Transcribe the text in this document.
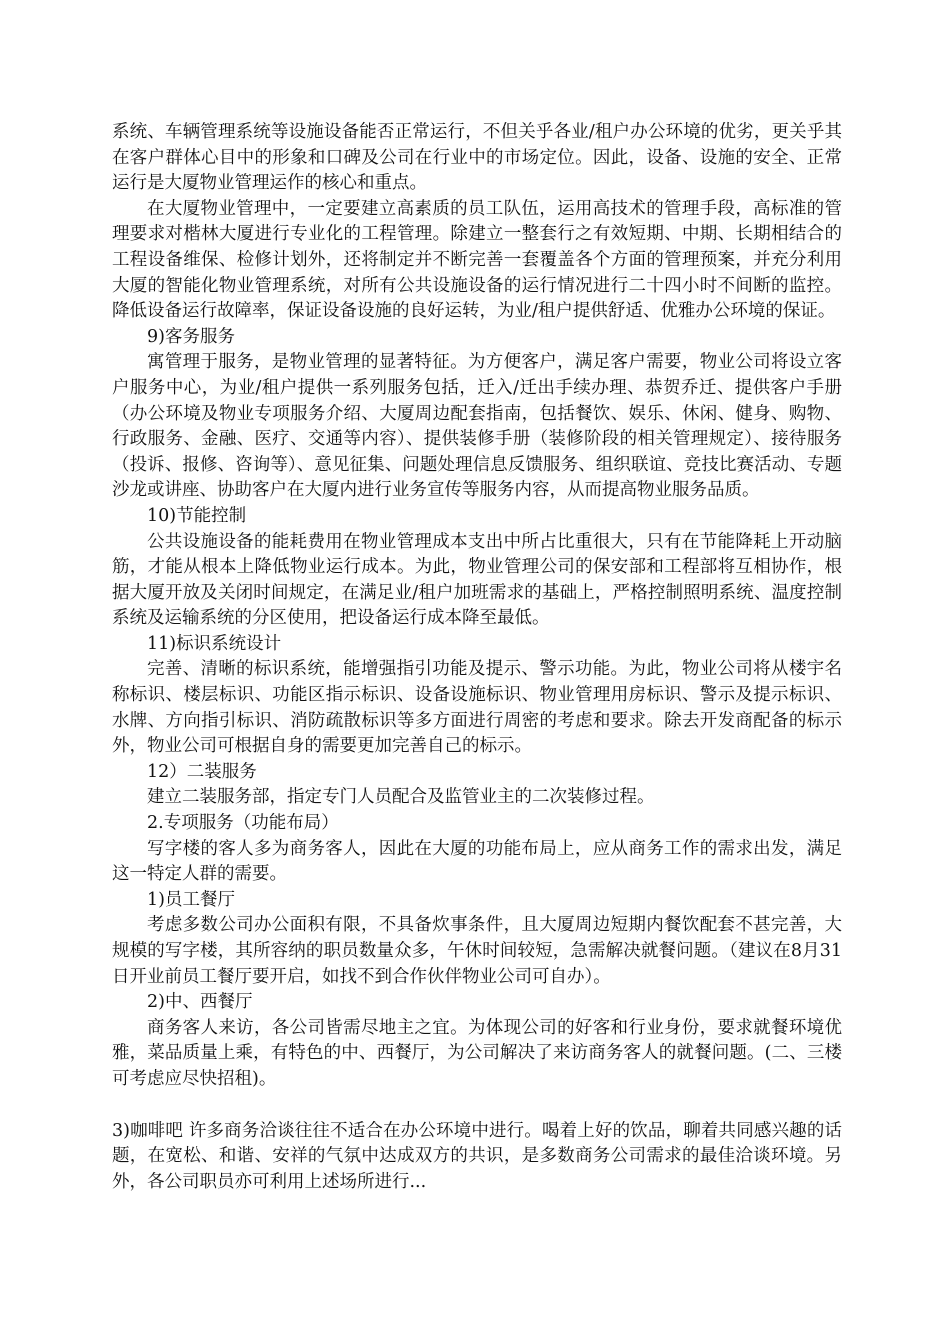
系统、车辆管理系统等设施设备能否正常运行，不但关乎各业/租户办公环境的优劣，更关乎其在客户群体心目中的形象和口碑及公司在行业中的市场定位。因此，设备、设施的安全、正常运行是大厦物业管理运作的核心和重点。

在大厦物业管理中，一定要建立高素质的员工队伍，运用高技术的管理手段，高标准的管理要求对楷林大厦进行专业化的工程管理。除建立一整套行之有效短期、中期、长期相结合的工程设备维保、检修计划外，还将制定并不断完善一套覆盖各个方面的管理预案，并充分利用大厦的智能化物业管理系统，对所有公共设施设备的运行情况进行二十四小时不间断的监控。降低设备运行故障率，保证设备设施的良好运转，为业/租户提供舒适、优雅办公环境的保证。

9)客务服务

寓管理于服务，是物业管理的显著特征。为方便客户，满足客户需要，物业公司将设立客户服务中心，为业/租户提供一系列服务包括，迁入/迁出手续办理、恭贺乔迁、提供客户手册（办公环境及物业专项服务介绍、大厦周边配套指南，包括餐饮、娱乐、休闲、健身、购物、行政服务、金融、医疗、交通等内容）、提供装修手册（装修阶段的相关管理规定）、接待服务（投诉、报修、咨询等）、意见征集、问题处理信息反馈服务、组织联谊、竞技比赛活动、专题沙龙或讲座、协助客户在大厦内进行业务宣传等服务内容，从而提高物业服务品质。

10)节能控制

公共设施设备的能耗费用在物业管理成本支出中所占比重很大，只有在节能降耗上开动脑筋，才能从根本上降低物业运行成本。为此，物业管理公司的保安部和工程部将互相协作，根据大厦开放及关闭时间规定，在满足业/租户加班需求的基础上，严格控制照明系统、温度控制系统及运输系统的分区使用，把设备运行成本降至最低。

11)标识系统设计

完善、清晰的标识系统，能增强指引功能及提示、警示功能。为此，物业公司将从楼宇名称标识、楼层标识、功能区指示标识、设备设施标识、物业管理用房标识、警示及提示标识、水牌、方向指引标识、消防疏散标识等多方面进行周密的考虑和要求。除去开发商配备的标示外，物业公司可根据自身的需要更加完善自己的标示。

12）二装服务

建立二装服务部，指定专门人员配合及监管业主的二次装修过程。

2.专项服务（功能布局）

写字楼的客人多为商务客人，因此在大厦的功能布局上，应从商务工作的需求出发，满足这一特定人群的需要。

1)员工餐厅

考虑多数公司办公面积有限，不具备炊事条件，且大厦周边短期内餐饮配套不甚完善，大规模的写字楼，其所容纳的职员数量众多，午休时间较短，急需解决就餐问题。（建议在8月31日开业前员工餐厅要开启，如找不到合作伙伴物业公司可自办）。

2)中、西餐厅

商务客人来访，各公司皆需尽地主之宜。为体现公司的好客和行业身份，要求就餐环境优雅，菜品质量上乘，有特色的中、西餐厅，为公司解决了来访商务客人的就餐问题。(二、三楼可考虑应尽快招租)。

3)咖啡吧 许多商务洽谈往往不适合在办公环境中进行。喝着上好的饮品，聊着共同感兴趣的话题，在宽松、和谐、安祥的气氛中达成双方的共识，是多数商务公司需求的最佳洽谈环境。另外，各公司职员亦可利用上述场所进行...
